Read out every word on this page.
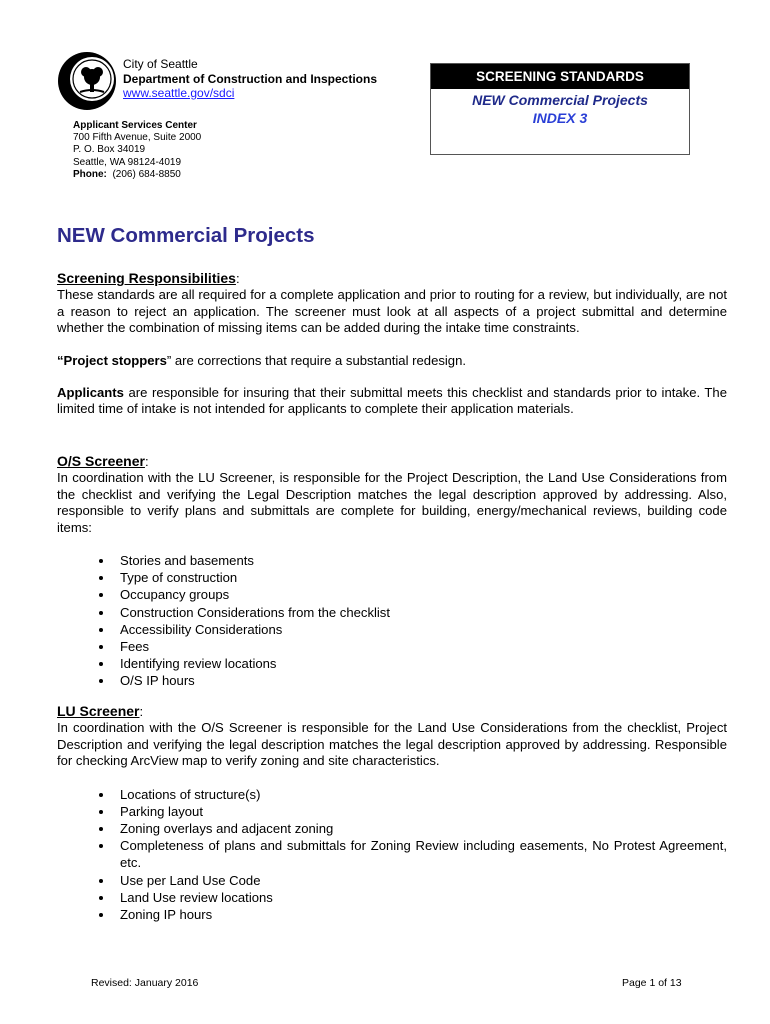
City of Seattle
Department of Construction and Inspections
www.seattle.gov/sdci
Applicant Services Center
700 Fifth Avenue, Suite 2000
P. O. Box 34019
Seattle, WA 98124-4019
Phone: (206) 684-8850
SCREENING STANDARDS
NEW Commercial Projects
INDEX 3
NEW Commercial Projects
Screening Responsibilities:

These standards are all required for a complete application and prior to routing for a review, but individually, are not a reason to reject an application. The screener must look at all aspects of a project submittal and determine whether the combination of missing items can be added during the intake time constraints.

“Project stoppers” are corrections that require a substantial redesign.

Applicants are responsible for insuring that their submittal meets this checklist and standards prior to intake. The limited time of intake is not intended for applicants to complete their application materials.

O/S Screener:

In coordination with the LU Screener, is responsible for the Project Description, the Land Use Considerations from the checklist and verifying the Legal Description matches the legal description approved by addressing. Also, responsible to verify plans and submittals are complete for building, energy/mechanical reviews, building code items:

Stories and basements
Type of construction
Occupancy groups
Construction Considerations from the checklist
Accessibility Considerations
Fees
Identifying review locations
O/S IP hours
LU Screener:

In coordination with the O/S Screener is responsible for the Land Use Considerations from the checklist, Project Description and verifying the legal description matches the legal description approved by addressing. Responsible for checking ArcView map to verify zoning and site characteristics.

Locations of structure(s)
Parking layout
Zoning overlays and adjacent zoning
Completeness of plans and submittals for Zoning Review including easements, No Protest Agreement, etc.
Use per Land Use Code
Land Use review locations
Zoning IP hours
Revised: January 2016	Page 1 of 13
